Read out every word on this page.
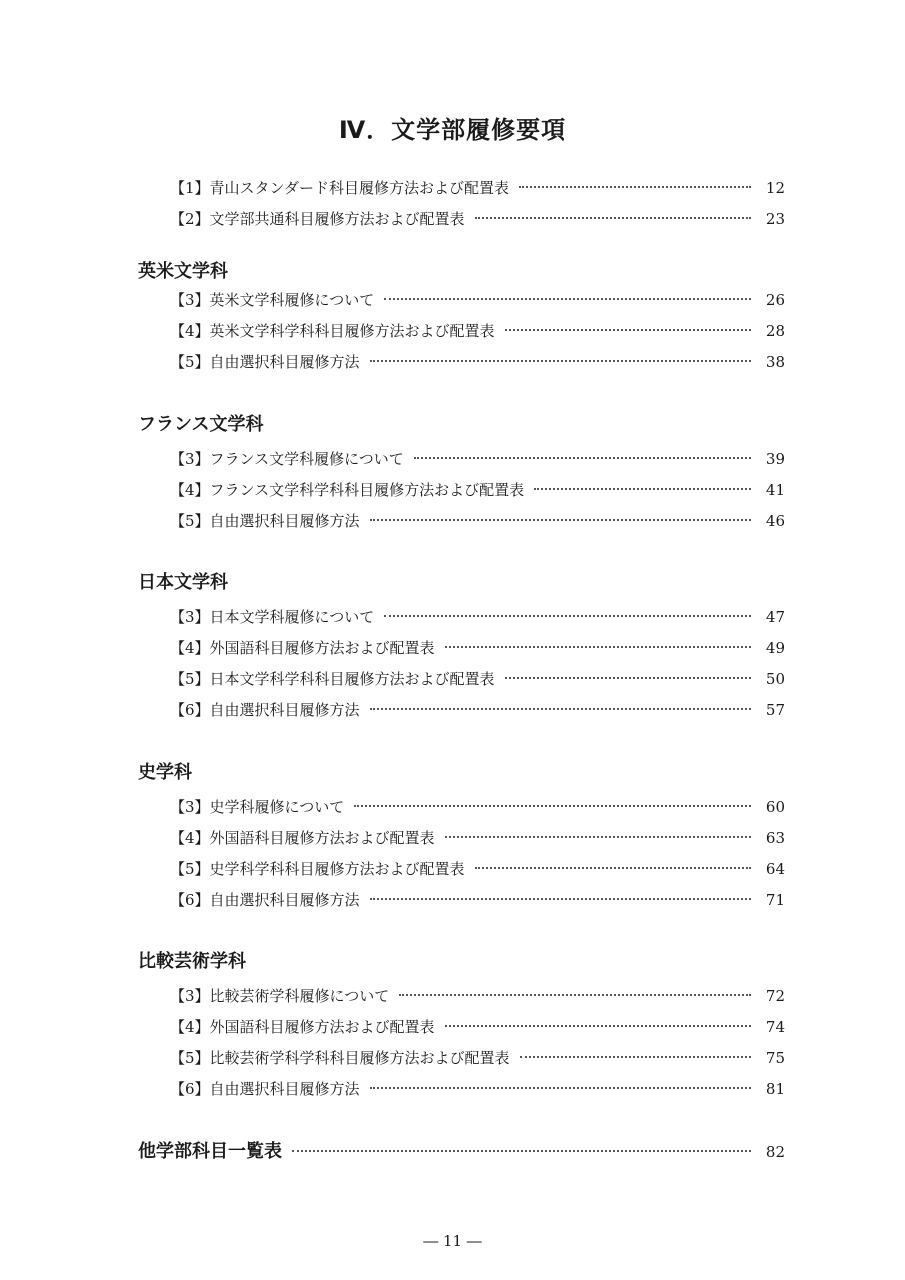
Ⅳ．文学部履修要項
【1】青山スタンダード科目履修方法および配置表	12
【2】文学部共通科目履修方法および配置表	23
英米文学科
【3】英米文学科履修について	26
【4】英米文学科学科科目履修方法および配置表	28
【5】自由選択科目履修方法	38
フランス文学科
【3】フランス文学科履修について	39
【4】フランス文学科学科科目履修方法および配置表	41
【5】自由選択科目履修方法	46
日本文学科
【3】日本文学科履修について	47
【4】外国語科目履修方法および配置表	49
【5】日本文学科学科科目履修方法および配置表	50
【6】自由選択科目履修方法	57
史学科
【3】史学科履修について	60
【4】外国語科目履修方法および配置表	63
【5】史学科学科科目履修方法および配置表	64
【6】自由選択科目履修方法	71
比較芸術学科
【3】比較芸術学科履修について	72
【4】外国語科目履修方法および配置表	74
【5】比較芸術学科学科科目履修方法および配置表	75
【6】自由選択科目履修方法	81
他学部科目一覧表	82
― 11 ―
